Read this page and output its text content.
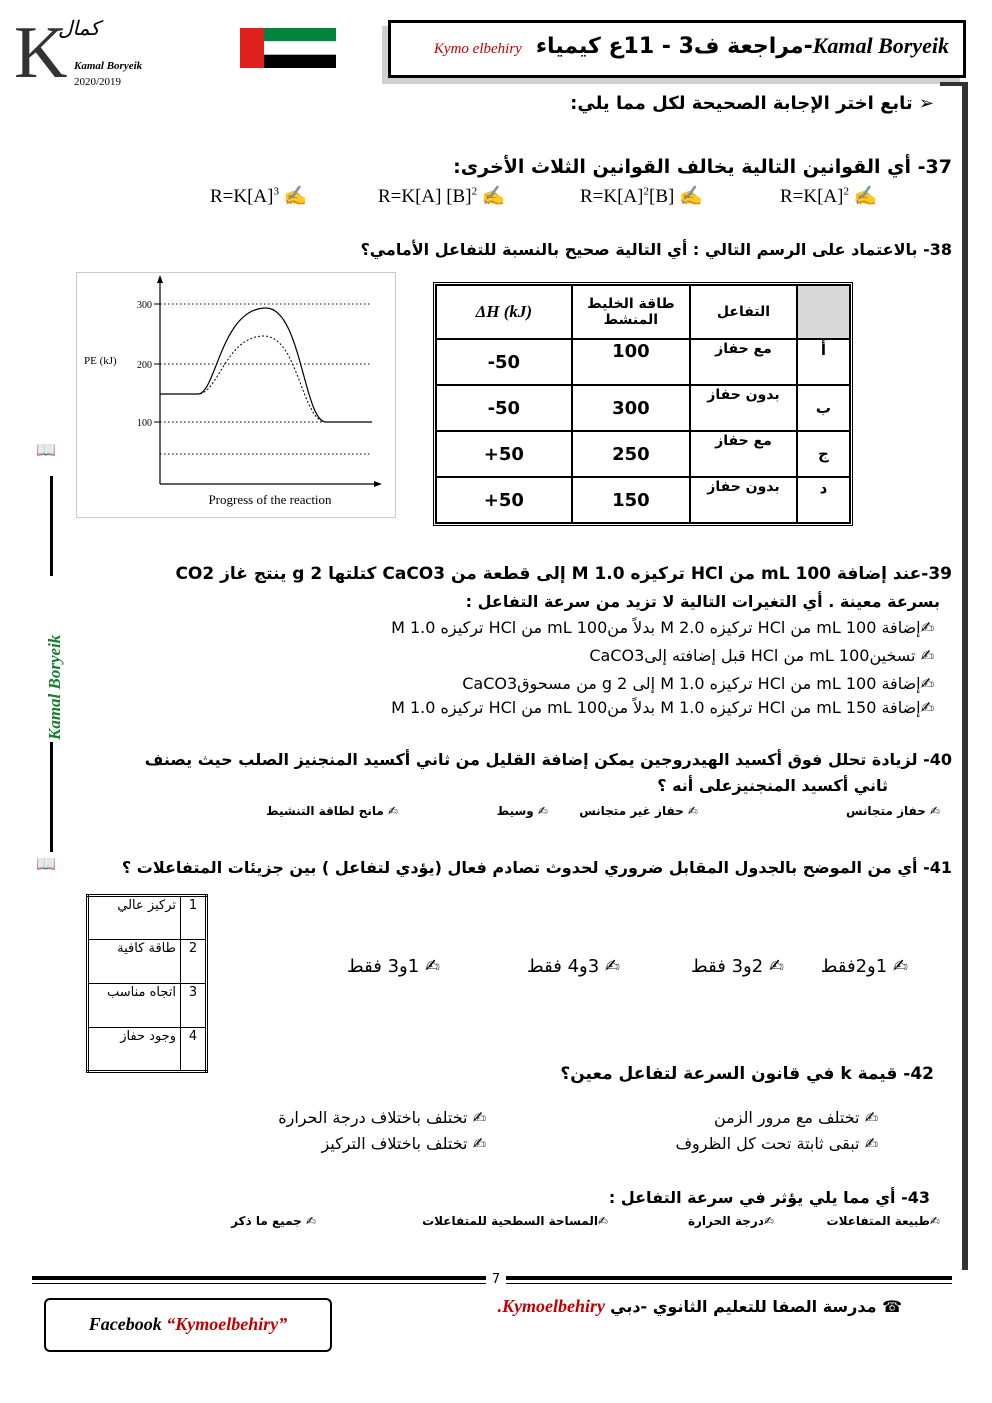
K
كمال
Kamal Boryeik
2020/2019
Kamal Boryeik-مراجعة ف3 - 11ع كيمياء  Kymo elbehiry
📖
Kamal Boryeik
📖
➢ تابع اختر الإجابة الصحيحة لكل مما يلي:
37- أي القوانين التالية يخالف القوانين الثلاث الأخرى:
$R=K[A]^2$ ✍
$R=K[A]^2[B]$ ✍
R=K[A] $[B]^2$ ✍
$R=K[A]^3$ ✍
38- بالاعتماد على الرسم التالي : أي التالية صحيح بالنسبة للتفاعل الأمامي؟
300
200
100
PE (kJ)
Progress of the reaction
ΔH (kJ)	طاقة الخليط المنشط	التفاعل	
-50	100	مع حفاز	أ
-50	300	بدون حفاز	ب
+50	250	مع حفاز	ج
+50	150	بدون حفاز	د
39-عند إضافة 100 mL من HCl تركيزه 1.0 M إلى قطعة من CaCO3 كتلتها 2 g ينتج غاز CO2
بسرعة معينة . أي التغيرات التالية لا تزيد من سرعة التفاعل :
✍إضافة 100 mL من HCl تركيزه 2.0 M بدلاً من100 mL من HCl تركيزه 1.0 M
✍ تسخين100 mL من HCl قبل إضافته إلىCaCO3
✍إضافة 100 mL من HCl تركيزه 1.0 M إلى 2 g من مسحوقCaCO3
✍إضافة 150 mL من HCl تركيزه 1.0 M بدلاً من100 mL من HCl تركيزه 1.0 M
40- لزيادة تحلل فوق أكسيد الهيدروجين يمكن إضافة القليل من ثاني أكسيد المنجنيز الصلب حيث يصنف
ثاني أكسيد المنجنيزعلى أنه ؟
✍ حفاز متجانس
✍ حفاز غير متجانس
✍ وسيط
✍ مانح لطاقة التنشيط
41- أي من الموضح بالجدول المقابل ضروري لحدوث تصادم فعال (يؤدي لتفاعل ) بين جزيئات المتفاعلات ؟
1	تركيز عالي
2	طاقة كافية
3	اتجاه مناسب
4	وجود حفاز
✍ 1و2فقط
✍ 2و3 فقط
✍ 3و4 فقط
✍ 1و3 فقط
42- قيمة k في قانون السرعة لتفاعل معين؟
✍ تختلف مع مرور الزمن
✍ تختلف باختلاف درجة الحرارة
✍ تبقى ثابتة تحت كل الظروف
✍ تختلف باختلاف التركيز
43- أي مما يلي يؤثر في سرعة التفاعل :
✍طبيعة المتفاعلات
✍درجة الحرارة
✍المساحة السطحية للمتفاعلات
✍ جميع ما ذكر
7
☎ مدرسة الصفا للتعليم الثانوي -دبي Kymoelbehiry.
Facebook “Kymoelbehiry”
